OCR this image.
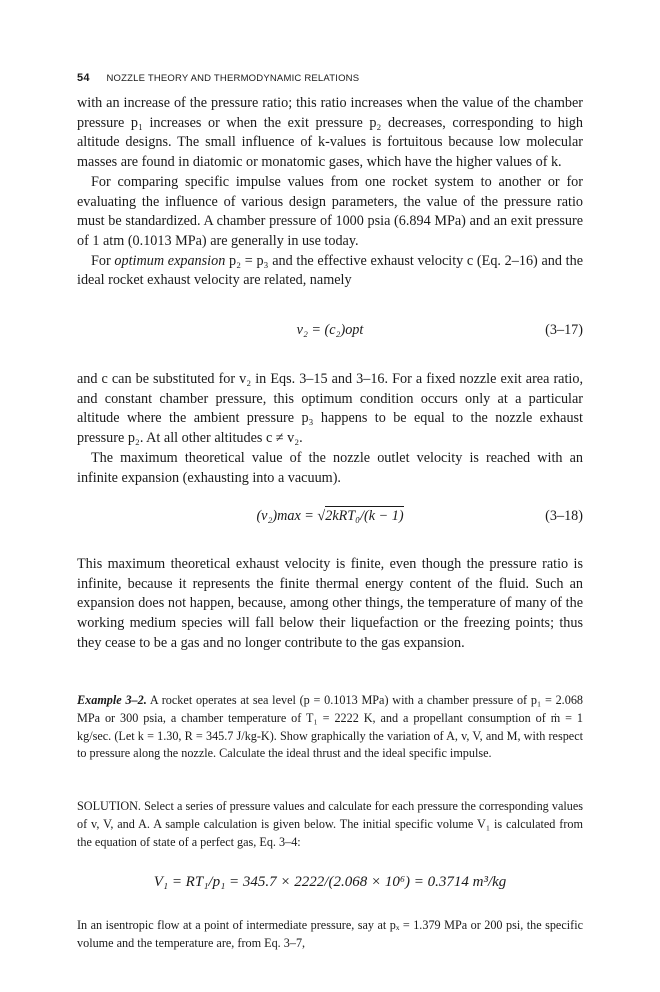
54 NOZZLE THEORY AND THERMODYNAMIC RELATIONS

with an increase of the pressure ratio; this ratio increases when the value of the chamber pressure p₁ increases or when the exit pressure p₂ decreases, corresponding to high altitude designs. The small influence of k-values is fortuitous because low molecular masses are found in diatomic or monatomic gases, which have the higher values of k.

For comparing specific impulse values from one rocket system to another or for evaluating the influence of various design parameters, the value of the pressure ratio must be standardized. A chamber pressure of 1000 psia (6.894 MPa) and an exit pressure of 1 atm (0.1013 MPa) are generally in use today.

For optimum expansion p₂ = p₃ and the effective exhaust velocity c (Eq. 2–16) and the ideal rocket exhaust velocity are related, namely

v₂ = (c₂)opt	(3–17)

and c can be substituted for v₂ in Eqs. 3–15 and 3–16. For a fixed nozzle exit area ratio, and constant chamber pressure, this optimum condition occurs only at a particular altitude where the ambient pressure p₃ happens to be equal to the nozzle exhaust pressure p₂. At all other altitudes c ≠ v₂.

The maximum theoretical value of the nozzle outlet velocity is reached with an infinite expansion (exhausting into a vacuum).

(v₂)max = √2kRT₀/(k − 1)	(3–18)

This maximum theoretical exhaust velocity is finite, even though the pressure ratio is infinite, because it represents the finite thermal energy content of the fluid. Such an expansion does not happen, because, among other things, the temperature of many of the working medium species will fall below their liquefaction or the freezing points; thus they cease to be a gas and no longer contribute to the gas expansion.

Example 3–2. A rocket operates at sea level (p = 0.1013 MPa) with a chamber pressure of p₁ = 2.068 MPa or 300 psia, a chamber temperature of T₁ = 2222 K, and a propellant consumption of ṁ = 1 kg/sec. (Let k = 1.30, R = 345.7 J/kg-K). Show graphically the variation of A, v, V, and M, with respect to pressure along the nozzle. Calculate the ideal thrust and the ideal specific impulse.

SOLUTION. Select a series of pressure values and calculate for each pressure the corresponding values of v, V, and A. A sample calculation is given below. The initial specific volume V₁ is calculated from the equation of state of a perfect gas, Eq. 3–4:

V₁ = RT₁/p₁ = 345.7 × 2222/(2.068 × 10⁶) = 0.3714 m³/kg

In an isentropic flow at a point of intermediate pressure, say at pₓ = 1.379 MPa or 200 psi, the specific volume and the temperature are, from Eq. 3–7,
